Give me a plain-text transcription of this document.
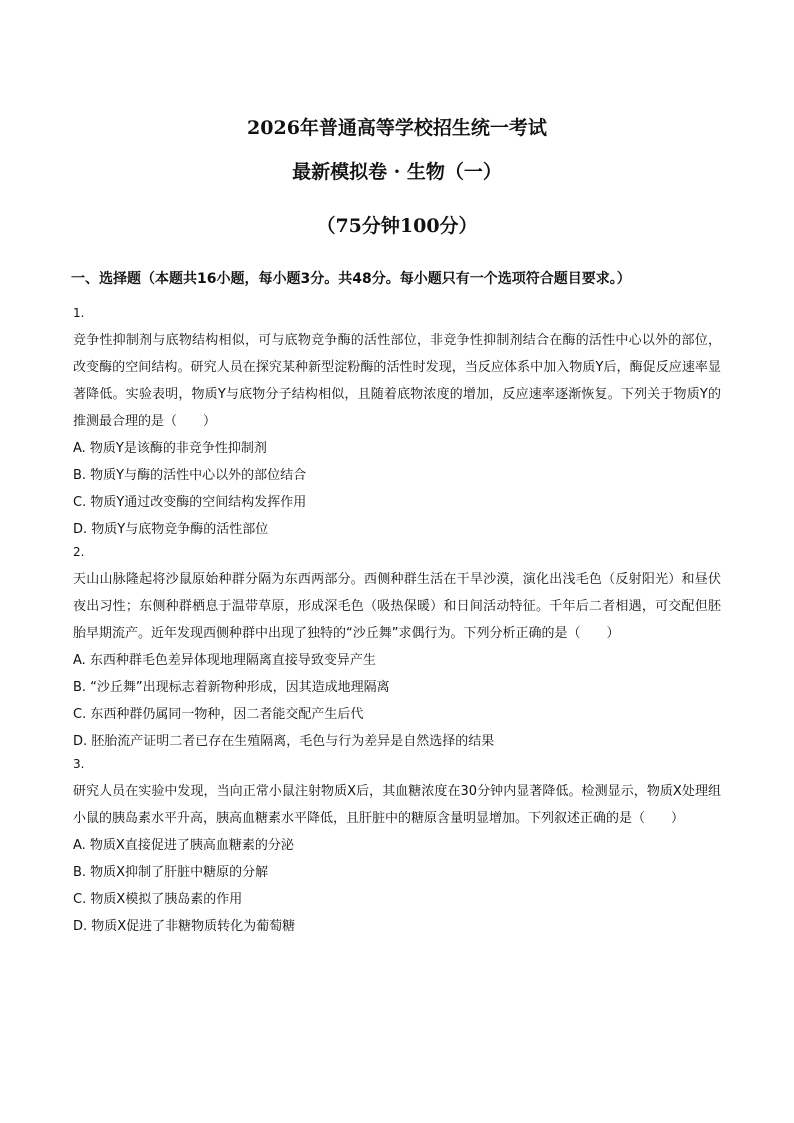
2026年普通高等学校招生统一考试
最新模拟卷 · 生物（一）
（75分钟100分）
一、选择题（本题共16小题，每小题3分。共48分。每小题只有一个选项符合题目要求。）
1.

竞争性抑制剂与底物结构相似，可与底物竞争酶的活性部位，非竞争性抑制剂结合在酶的活性中心以外的部位，改变酶的空间结构。研究人员在探究某种新型淀粉酶的活性时发现，当反应体系中加入物质Y后，酶促反应速率显著降低。实验表明，物质Y与底物分子结构相似，且随着底物浓度的增加，反应速率逐渐恢复。下列关于物质Y的推测最合理的是（　　）

A. 物质Y是该酶的非竞争性抑制剂
B. 物质Y与酶的活性中心以外的部位结合
C. 物质Y通过改变酶的空间结构发挥作用
D. 物质Y与底物竞争酶的活性部位
2.

天山山脉隆起将沙鼠原始种群分隔为东西两部分。西侧种群生活在干旱沙漠，演化出浅毛色（反射阳光）和昼伏夜出习性；东侧种群栖息于温带草原，形成深毛色（吸热保暖）和日间活动特征。千年后二者相遇，可交配但胚胎早期流产。近年发现西侧种群中出现了独特的“沙丘舞”求偶行为。下列分析正确的是（　　）

A. 东西种群毛色差异体现地理隔离直接导致变异产生
B. “沙丘舞”出现标志着新物种形成，因其造成地理隔离
C. 东西种群仍属同一物种，因二者能交配产生后代
D. 胚胎流产证明二者已存在生殖隔离，毛色与行为差异是自然选择的结果
3.

研究人员在实验中发现，当向正常小鼠注射物质X后，其血糖浓度在30分钟内显著降低。检测显示，物质X处理组小鼠的胰岛素水平升高，胰高血糖素水平降低，且肝脏中的糖原含量明显增加。下列叙述正确的是（　　）

A. 物质X直接促进了胰高血糖素的分泌
B. 物质X抑制了肝脏中糖原的分解
C. 物质X模拟了胰岛素的作用
D. 物质X促进了非糖物质转化为葡萄糖
